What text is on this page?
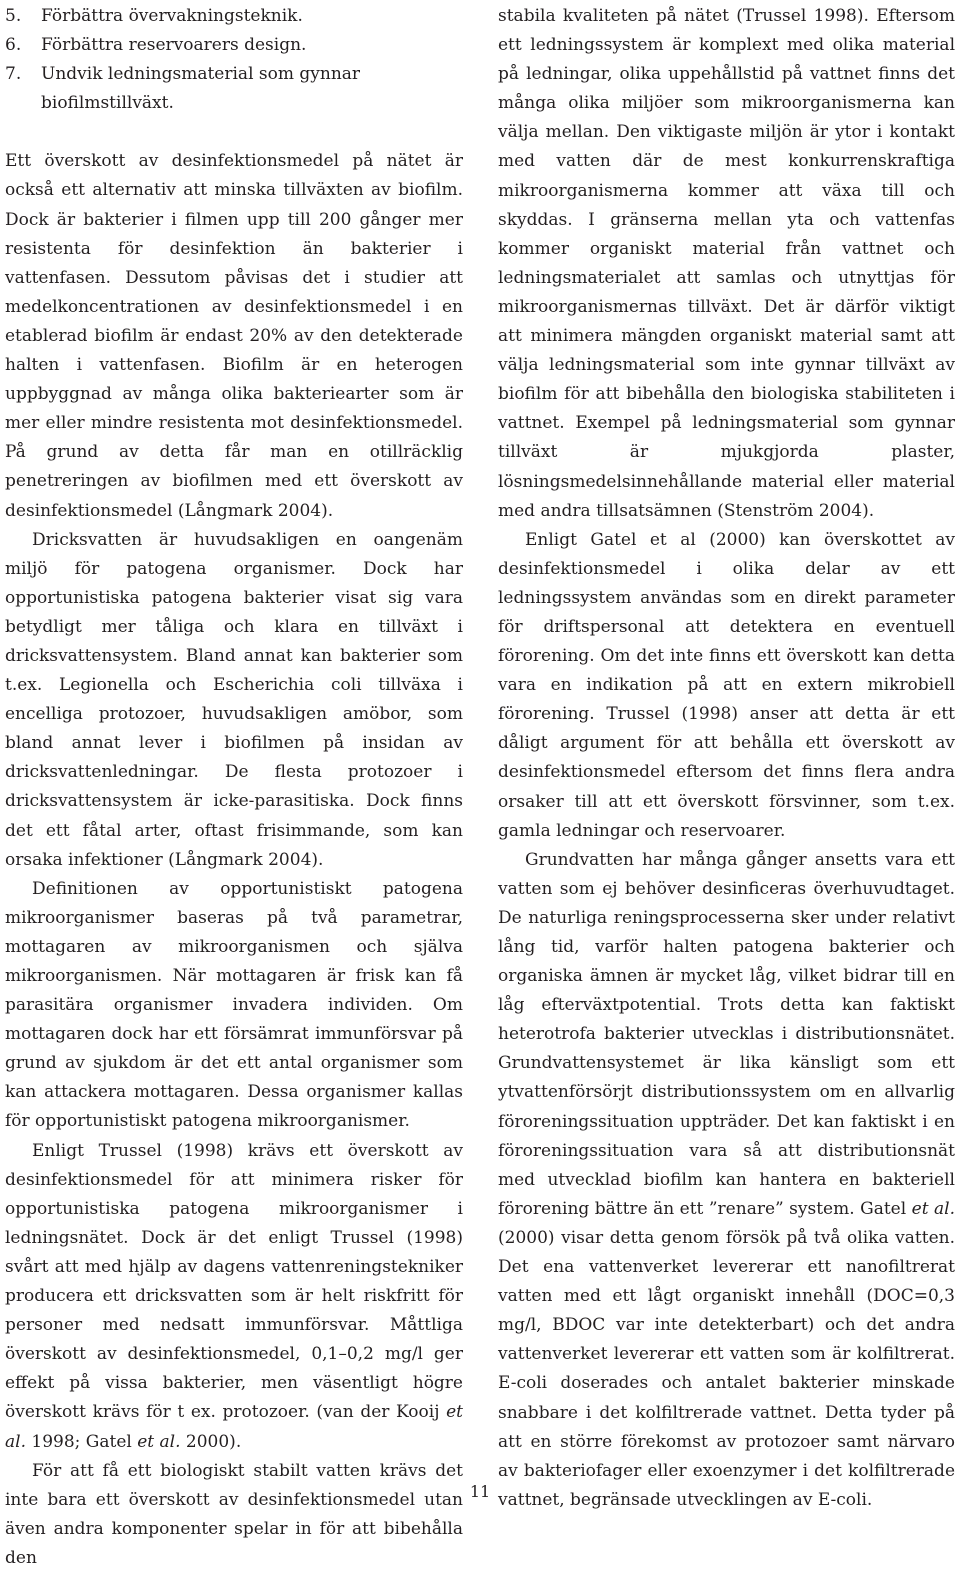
5. Förbättra övervakningsteknik.
6. Förbättra reservoarers design.
7. Undvik ledningsmaterial som gynnar biofilmstillväxt.

Ett överskott av desinfektionsmedel på nätet är också ett alternativ att minska tillväxten av biofilm. Dock är bakterier i filmen upp till 200 gånger mer resistenta för desinfektion än bakterier i vattenfasen. Dessutom påvisas det i studier att medelkoncentrationen av desinfektionsmedel i en etablerad biofilm är endast 20% av den detekterade halten i vattenfasen. Biofilm är en heterogen uppbyggnad av många olika bakteriearter som är mer eller mindre resistenta mot desinfektionsmedel. På grund av detta får man en otillräcklig penetreringen av biofilmen med ett överskott av desinfektionsmedel (Långmark 2004).

Dricksvatten är huvudsakligen en oangenäm miljö för patogena organismer. Dock har opportunistiska patogena bakterier visat sig vara betydligt mer tåliga och klara en tillväxt i dricksvattensystem. Bland annat kan bakterier som t.ex. Legionella och Escherichia coli tillväxa i encelliga protozoer, huvudsakligen amöbor, som bland annat lever i biofilmen på insidan av dricksvattenledningar. De flesta protozoer i dricksvattensystem är icke-parasitiska. Dock finns det ett fåtal arter, oftast frisimmande, som kan orsaka infektioner (Långmark 2004).

Definitionen av opportunistiskt patogena mikroorganismer baseras på två parametrar, mottagaren av mikroorganismen och själva mikroorganismen. När mottagaren är frisk kan få parasitära organismer invadera individen. Om mottagaren dock har ett försämrat immunförsvar på grund av sjukdom är det ett antal organismer som kan attackera mottagaren. Dessa organismer kallas för opportunistiskt patogena mikroorganismer.

Enligt Trussel (1998) krävs ett överskott av desinfektionsmedel för att minimera risker för opportunistiska patogena mikroorganismer i ledningsnätet. Dock är det enligt Trussel (1998) svårt att med hjälp av dagens vattenreningstekniker producera ett dricksvatten som är helt riskfritt för personer med nedsatt immunförsvar. Måttliga överskott av desinfektionsmedel, 0,1–0,2 mg/l ger effekt på vissa bakterier, men väsentligt högre överskott krävs för t ex. protozoer. (van der Kooij et al. 1998; Gatel et al. 2000).

För att få ett biologiskt stabilt vatten krävs det inte bara ett överskott av desinfektionsmedel utan även andra komponenter spelar in för att bibehålla den

stabila kvaliteten på nätet (Trussel 1998). Eftersom ett ledningssystem är komplext med olika material på ledningar, olika uppehållstid på vattnet finns det många olika miljöer som mikroorganismerna kan välja mellan. Den viktigaste miljön är ytor i kontakt med vatten där de mest konkurrenskraftiga mikroorganismerna kommer att växa till och skyddas. I gränserna mellan yta och vattenfas kommer organiskt material från vattnet och ledningsmaterialet att samlas och utnyttjas för mikroorganismernas tillväxt. Det är därför viktigt att minimera mängden organiskt material samt att välja ledningsmaterial som inte gynnar tillväxt av biofilm för att bibehålla den biologiska stabiliteten i vattnet. Exempel på ledningsmaterial som gynnar tillväxt är mjukgjorda plaster, lösningsmedelsinnehållande material eller material med andra tillsatsämnen (Stenström 2004).

Enligt Gatel et al (2000) kan överskottet av desinfektionsmedel i olika delar av ett ledningssystem användas som en direkt parameter för driftspersonal att detektera en eventuell förorening. Om det inte finns ett överskott kan detta vara en indikation på att en extern mikrobiell förorening. Trussel (1998) anser att detta är ett dåligt argument för att behålla ett överskott av desinfektionsmedel eftersom det finns flera andra orsaker till att ett överskott försvinner, som t.ex. gamla ledningar och reservoarer.

Grundvatten har många gånger ansetts vara ett vatten som ej behöver desinficeras överhuvudtaget. De naturliga reningsprocesserna sker under relativt lång tid, varför halten patogena bakterier och organiska ämnen är mycket låg, vilket bidrar till en låg efterväxtpotential. Trots detta kan faktiskt heterotrofa bakterier utvecklas i distributionsnätet. Grundvattensystemet är lika känsligt som ett ytvattenförsörjt distributionssystem om en allvarlig föroreningssituation uppträder. Det kan faktiskt i en föroreningssituation vara så att distributionsnät med utvecklad biofilm kan hantera en bakteriell förorening bättre än ett ”renare” system. Gatel et al. (2000) visar detta genom försök på två olika vatten. Det ena vattenverket levererar ett nanofiltrerat vatten med ett lågt organiskt innehåll (DOC=0,3 mg/l, BDOC var inte detekterbart) och det andra vattenverket levererar ett vatten som är kolfiltrerat. E-coli doserades och antalet bakterier minskade snabbare i det kolfiltrerade vattnet. Detta tyder på att en större förekomst av protozoer samt närvaro av bakteriofager eller exoenzymer i det kolfiltrerade vattnet, begränsade utvecklingen av E-coli.

11
